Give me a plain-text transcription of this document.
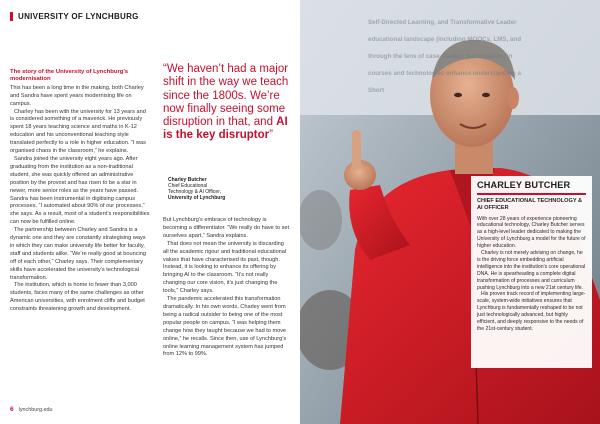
UNIVERSITY OF LYNCHBURG
The story of the University of Lynchburg’s modernisation

This has been a long time in the making, both Charley and Sandra have spent years modernising life on campus.

Charley has been with the university for 13 years and is considered something of a maverick. He previously spent 18 years teaching science and maths in K-12 education and his unconventional teaching style translated perfectly to a role in higher education. “I was organised chaos in the classroom,” he explains.

Sandra joined the university eight years ago. After graduating from the institution as a non-traditional student, she was quickly offered an administrative position by the provost and has risen to be a star in newer, more senior roles as the years have passed. Sandra has been instrumental in digitising campus processes. “I automated about 90% of our processes,” she says. As a result, most of a student’s responsibilities can now be fulfilled online.

The partnership between Charley and Sandra is a dynamic one and they are constantly strategising ways in which they can make university life better for faculty, staff and students alike. “We’re really good at bouncing off of each other,” Charley says. Their complementary skills have accelerated the university’s technological transformation.

The institution, which is home to fewer than 3,000 students, faces many of the same challenges as other American universities, with enrolment cliffs and budget constraints threatening growth and development.

“We haven’t had a major shift in the way we teach since the 1800s. We’re now finally seeing some disruption in that, and AI is the key disruptor”
Charley Butcher
Chief Educational
Technology & AI Officer,
University of Lynchburg

But Lynchburg’s embrace of technology is becoming a differentiator. “We really do have to set ourselves apart,” Sandra explains.

That does not mean the university is discarding all the academic rigour and traditional educational values that have characterised its past, though. Instead, it is looking to enhance its offering by bringing AI to the classroom. “It’s not really changing our core vision, it’s just changing the tools,” Charley says.

The pandemic accelerated this transformation dramatically. In his own words, Charley went from being a radical outsider to being one of the most popular people on campus. “I was helping them change how they taught because we had to move online,” he recalls. Since then, use of Lynchburg’s online learning management system has jumped from 12% to 99%.

Self-Directed Learning, and Transformative Leader
educational landscape (including MOOCs, LMS, and
through the lens of case studies, participation, in
courses and technologies enhance understanding a
Short
CHARLEY BUTCHER
CHIEF EDUCATIONAL TECHNOLOGY & AI OFFICER

With over 28 years of experience pioneering educational technology, Charley Butcher serves as a high-level leader dedicated to making the University of Lynchburg a model for the future of higher education.

Charley is not merely advising on change, he is the driving force embedding artificial intelligence into the institution’s core operational DNA. He is spearheading a complete digital transformation of processes and curriculum pushing Lynchburg into a new 21st century life.

His proven track record of implementing large-scale, system-wide initiatives ensures that Lynchburg is fundamentally reshaped to be not just technologically advanced, but highly efficient, and deeply responsive to the needs of the 21st-century student.

6 lynchburg.edu
